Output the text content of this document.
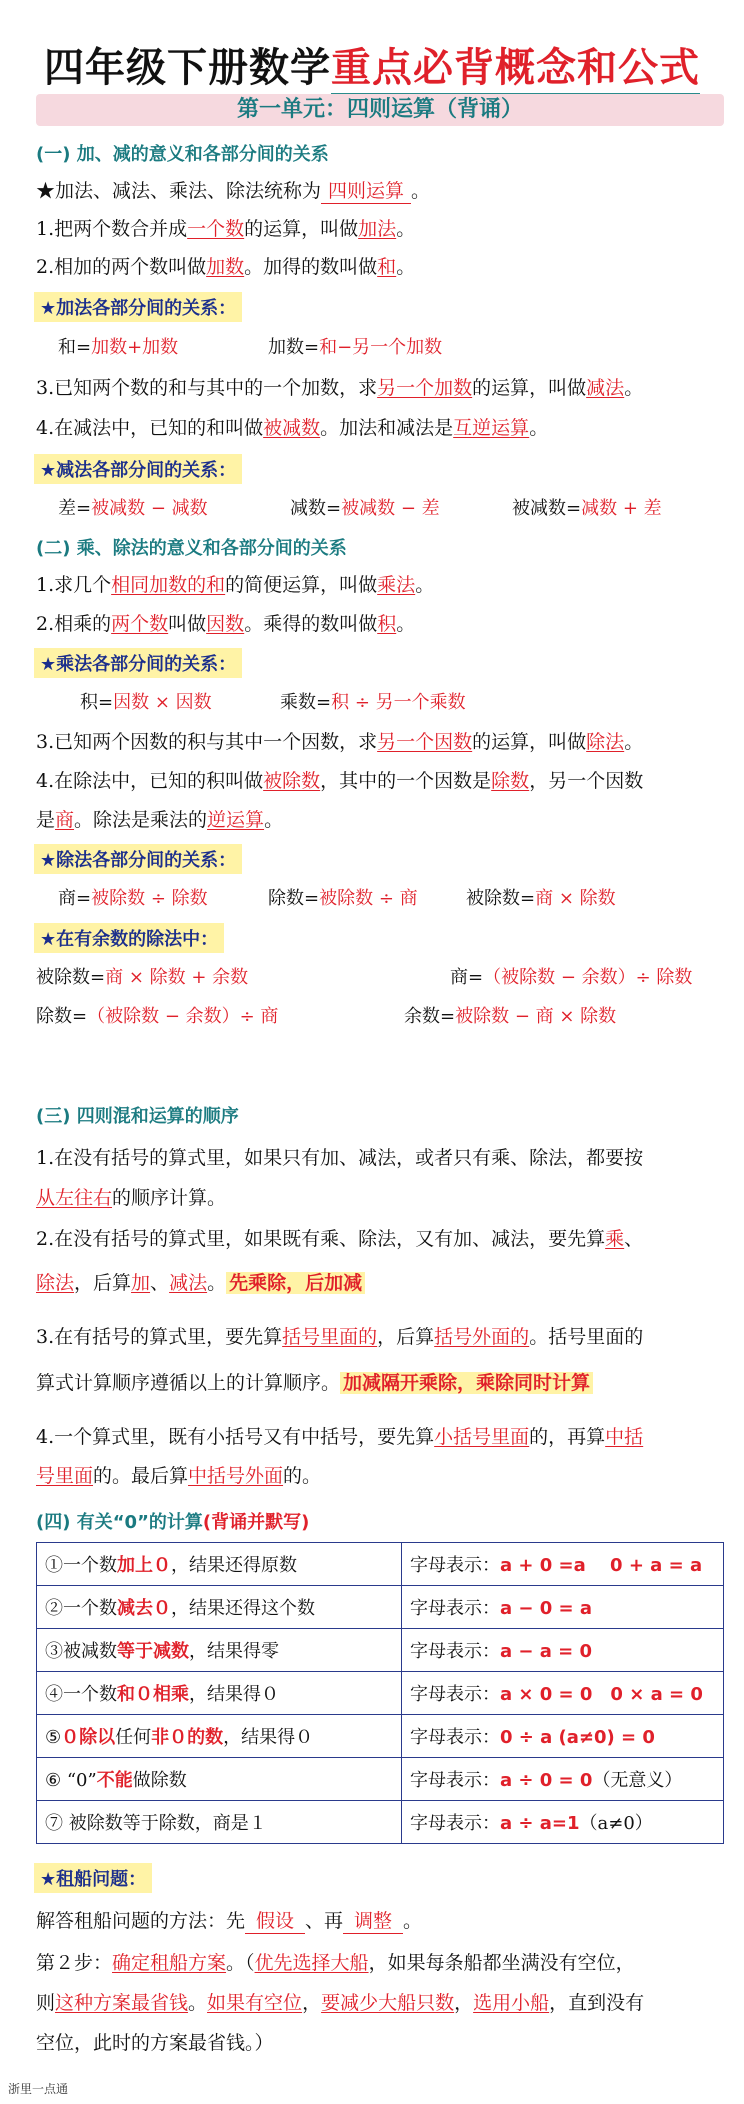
四年级下册数学重点必背概念和公式
第一单元：四则运算（背诵）
(一) 加、减的意义和各部分间的关系
★加法、减法、乘法、除法统称为 四则运算 。
1.把两个数合并成一个数的运算，叫做加法。
2.相加的两个数叫做加数。加得的数叫做和。
★加法各部分间的关系：
和=加数+加数	加数=和−另一个加数
3.已知两个数的和与其中的一个加数，求另一个加数的运算，叫做减法。
4.在减法中，已知的和叫做被减数。加法和减法是互逆运算。
★减法各部分间的关系：
差=被减数 − 减数	减数=被减数 − 差	被减数=减数 + 差
(二) 乘、除法的意义和各部分间的关系
1.求几个相同加数的和的简便运算，叫做乘法。
2.相乘的两个数叫做因数。乘得的数叫做积。
★乘法各部分间的关系：
积=因数 × 因数	乘数=积 ÷ 另一个乘数
3.已知两个因数的积与其中一个因数，求另一个因数的运算，叫做除法。
4.在除法中，已知的积叫做被除数，其中的一个因数是除数，另一个因数
是商。除法是乘法的逆运算。
★除法各部分间的关系：
商=被除数 ÷ 除数	除数=被除数 ÷ 商	被除数=商 × 除数
★在有余数的除法中：
被除数=商 × 除数 + 余数	商=（被除数 − 余数）÷ 除数
除数=（被除数 − 余数）÷ 商	余数=被除数 − 商 × 除数
(三) 四则混和运算的顺序
1.在没有括号的算式里，如果只有加、减法，或者只有乘、除法，都要按
从左往右的顺序计算。
2.在没有括号的算式里，如果既有乘、除法，又有加、减法，要先算乘、
除法，后算加、减法。 先乘除，后加减
3.在有括号的算式里，要先算括号里面的，后算括号外面的。括号里面的
算式计算顺序遵循以上的计算顺序。 加减隔开乘除，乘除同时计算
4.一个算式里，既有小括号又有中括号，要先算小括号里面的，再算中括
号里面的。最后算中括号外面的。
(四) 有关“0”的计算(背诵并默写)
①一个数加上０，结果还得原数	字母表示：a + 0 =a　 0 + a = a
②一个数减去０，结果还得这个数	字母表示：a − 0 = a
③被减数等于减数，结果得零	字母表示：a − a = 0
④一个数和０相乘，结果得０	字母表示：a × 0 = 0　0 × a = 0
⑤０除以任何非０的数，结果得０	字母表示：0 ÷ a (a≠0) = 0
⑥ “0”不能做除数	字母表示：a ÷ 0 = 0（无意义）
⑦ 被除数等于除数，商是１	字母表示：a ÷ a=1（a≠0）
★租船问题：
解答租船问题的方法：先 假设 、再 调整 。
第２步：确定租船方案。（优先选择大船，如果每条船都坐满没有空位，
则这种方案最省钱。如果有空位，要减少大船只数，选用小船，直到没有
空位，此时的方案最省钱。）
浙里一点通
